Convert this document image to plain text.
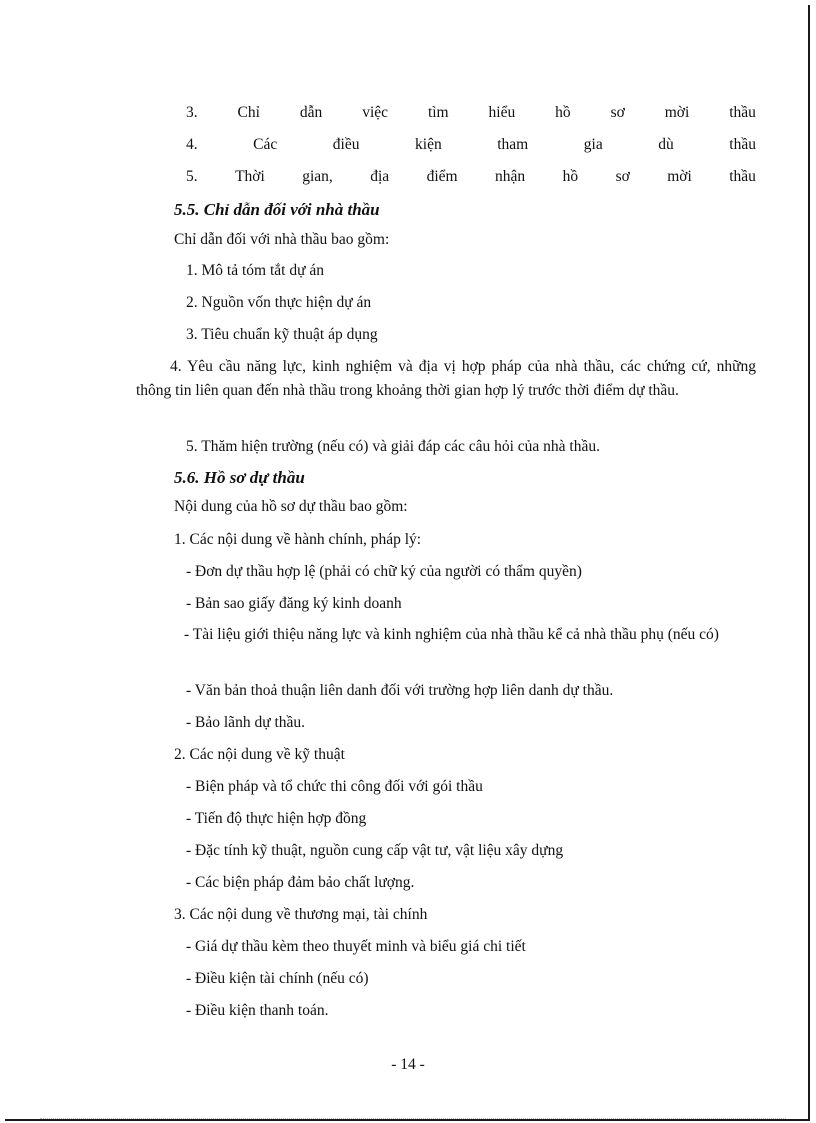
3.	Chỉ	dẫn	việc	tìm	hiểu	hồ	sơ	mời	thầu
4.	Các	điều	kiện	tham	gia	dù	thầu
5. Thời gian, địa điểm nhận hồ sơ mời thầu
5.5. Chỉ dẫn đối với nhà thầu
Chỉ dẫn đối với nhà thầu bao gồm:
1. Mô tả tóm tắt dự án
2. Nguồn vốn thực hiện dự án
3. Tiêu chuẩn kỹ thuật áp dụng
4. Yêu cầu năng lực, kinh nghiệm và địa vị hợp pháp của nhà thầu, các chứng cứ, những thông tin liên quan đến nhà thầu trong khoảng thời gian hợp lý trước thời điểm dự thầu.
5. Thăm hiện trường (nếu có) và giải đáp các câu hỏi của nhà thầu.
5.6. Hồ sơ dự thầu
Nội dung của hồ sơ dự thầu bao gồm:
1. Các nội dung về hành chính, pháp lý:
- Đơn dự thầu hợp lệ (phải có chữ ký của người có thẩm quyền)
- Bản sao giấy đăng ký kinh doanh
- Tài liệu giới thiệu năng lực và kinh nghiệm của nhà thầu kể cả nhà thầu phụ (nếu có)
- Văn bản thoả thuận liên danh đối với trường hợp liên danh dự thầu.
- Bảo lãnh dự thầu.
2. Các nội dung về kỹ thuật
- Biện pháp và tổ chức thi công đối với gói thầu
- Tiến độ thực hiện hợp đồng
- Đặc tính kỹ thuật, nguồn cung cấp vật tư, vật liệu xây dựng
- Các biện pháp đảm bảo chất lượng.
3. Các nội dung về thương mại, tài chính
- Giá dự thầu kèm theo thuyết minh và biểu giá chi tiết
- Điều kiện tài chính (nếu có)
- Điều kiện thanh toán.
- 14 -
